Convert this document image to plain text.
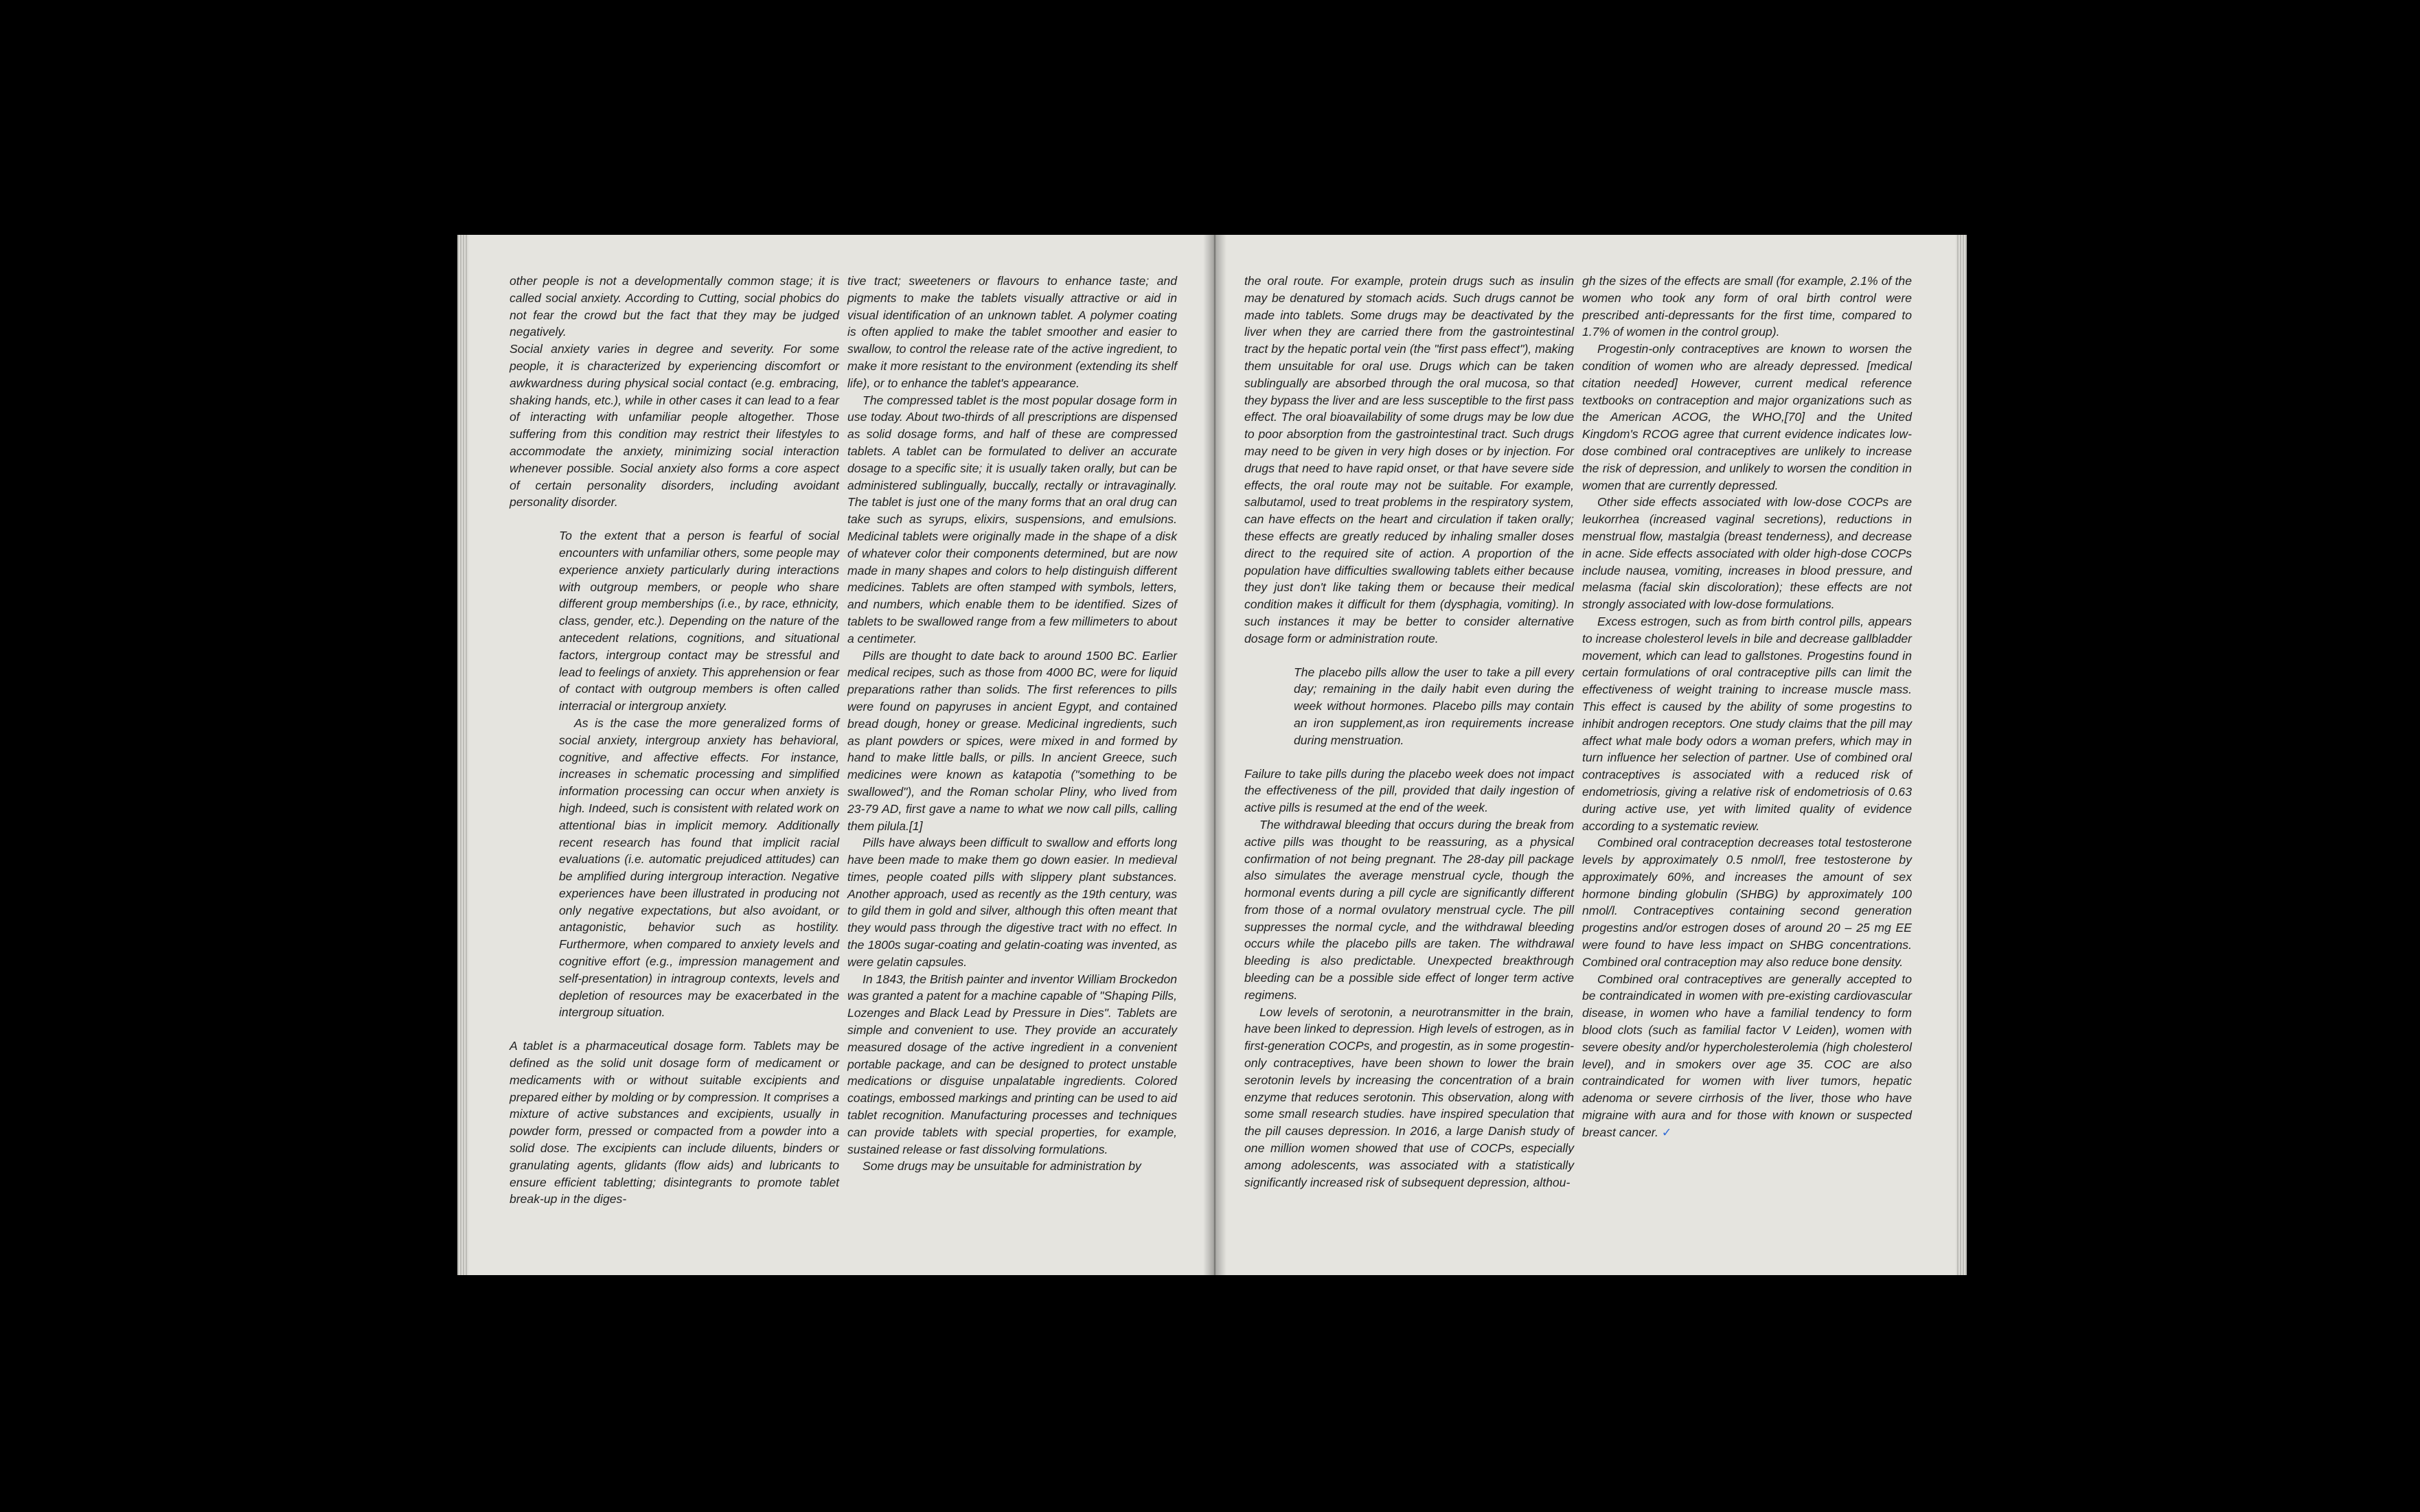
other people is not a developmentally common stage; it is called social anxiety. According to Cutting, social phobics do not fear the crowd but the fact that they may be judged negatively.

Social anxiety varies in degree and severity. For some people, it is characterized by experiencing discomfort or awkwardness during physical social contact (e.g. embracing, shaking hands, etc.), while in other cases it can lead to a fear of interacting with unfamiliar people altogether. Those suffering from this condition may restrict their lifestyles to accommodate the anxiety, minimizing social interaction whenever possible. Social anxiety also forms a core aspect of certain personality disorders, including avoidant personality disorder.

To the extent that a person is fearful of social encounters with unfamiliar others, some people may experience anxiety particularly during interactions with outgroup members, or people who share different group memberships (i.e., by race, ethnicity, class, gender, etc.). Depending on the nature of the antecedent relations, cognitions, and situational factors, intergroup contact may be stressful and lead to feelings of anxiety. This apprehension or fear of contact with outgroup members is often called interracial or intergroup anxiety.

As is the case the more generalized forms of social anxiety, intergroup anxiety has behavioral, cognitive, and affective effects. For instance, increases in schematic processing and simplified information processing can occur when anxiety is high. Indeed, such is consistent with related work on attentional bias in implicit memory. Additionally recent research has found that implicit racial evaluations (i.e. automatic prejudiced attitudes) can be amplified during intergroup interaction. Negative experiences have been illustrated in producing not only negative expectations, but also avoidant, or antagonistic, behavior such as hostility. Furthermore, when compared to anxiety levels and cognitive effort (e.g., impression management and self-presentation) in intragroup contexts, levels and depletion of resources may be exacerbated in the intergroup situation.

A tablet is a pharmaceutical dosage form. Tablets may be defined as the solid unit dosage form of medicament or medicaments with or without suitable excipients and prepared either by molding or by compression. It comprises a mixture of active substances and excipients, usually in powder form, pressed or compacted from a powder into a solid dose. The excipients can include diluents, binders or granulating agents, glidants (flow aids) and lubricants to ensure efficient tabletting; disintegrants to promote tablet break-up in the diges-

tive tract; sweeteners or flavours to enhance taste; and pigments to make the tablets visually attractive or aid in visual identification of an unknown tablet. A polymer coating is often applied to make the tablet smoother and easier to swallow, to control the release rate of the active ingredient, to make it more resistant to the environment (extending its shelf life), or to enhance the tablet's appearance.

The compressed tablet is the most popular dosage form in use today. About two-thirds of all prescriptions are dispensed as solid dosage forms, and half of these are compressed tablets. A tablet can be formulated to deliver an accurate dosage to a specific site; it is usually taken orally, but can be administered sublingually, buccally, rectally or intravaginally. The tablet is just one of the many forms that an oral drug can take such as syrups, elixirs, suspensions, and emulsions. Medicinal tablets were originally made in the shape of a disk of whatever color their components determined, but are now made in many shapes and colors to help distinguish different medicines. Tablets are often stamped with symbols, letters, and numbers, which enable them to be identified. Sizes of tablets to be swallowed range from a few millimeters to about a centimeter.

Pills are thought to date back to around 1500 BC. Earlier medical recipes, such as those from 4000 BC, were for liquid preparations rather than solids. The first references to pills were found on papyruses in ancient Egypt, and contained bread dough, honey or grease. Medicinal ingredients, such as plant powders or spices, were mixed in and formed by hand to make little balls, or pills. In ancient Greece, such medicines were known as katapotia ("something to be swallowed"), and the Roman scholar Pliny, who lived from 23-79 AD, first gave a name to what we now call pills, calling them pilula.[1]

Pills have always been difficult to swallow and efforts long have been made to make them go down easier. In medieval times, people coated pills with slippery plant substances. Another approach, used as recently as the 19th century, was to gild them in gold and silver, although this often meant that they would pass through the digestive tract with no effect. In the 1800s sugar-coating and gelatin-coating was invented, as were gelatin capsules.

In 1843, the British painter and inventor William Brockedon was granted a patent for a machine capable of "Shaping Pills, Lozenges and Black Lead by Pressure in Dies". Tablets are simple and convenient to use. They provide an accurately measured dosage of the active ingredient in a convenient portable package, and can be designed to protect unstable medications or disguise unpalatable ingredients. Colored coatings, embossed markings and printing can be used to aid tablet recognition. Manufacturing processes and techniques can provide tablets with special properties, for example, sustained release or fast dissolving formulations.

Some drugs may be unsuitable for administration by

the oral route. For example, protein drugs such as insulin may be denatured by stomach acids. Such drugs cannot be made into tablets. Some drugs may be deactivated by the liver when they are carried there from the gastrointestinal tract by the hepatic portal vein (the "first pass effect"), making them unsuitable for oral use. Drugs which can be taken sublingually are absorbed through the oral mucosa, so that they bypass the liver and are less susceptible to the first pass effect. The oral bioavailability of some drugs may be low due to poor absorption from the gastrointestinal tract. Such drugs may need to be given in very high doses or by injection. For drugs that need to have rapid onset, or that have severe side effects, the oral route may not be suitable. For example, salbutamol, used to treat problems in the respiratory system, can have effects on the heart and circulation if taken orally; these effects are greatly reduced by inhaling smaller doses direct to the required site of action. A proportion of the population have difficulties swallowing tablets either because they just don't like taking them or because their medical condition makes it difficult for them (dysphagia, vomiting). In such instances it may be better to consider alternative dosage form or administration route.

The placebo pills allow the user to take a pill every day; remaining in the daily habit even during the week without hormones. Placebo pills may contain an iron supplement,as iron requirements increase during menstruation.

Failure to take pills during the placebo week does not impact the effectiveness of the pill, provided that daily ingestion of active pills is resumed at the end of the week.

The withdrawal bleeding that occurs during the break from active pills was thought to be reassuring, as a physical confirmation of not being pregnant. The 28-day pill package also simulates the average menstrual cycle, though the hormonal events during a pill cycle are significantly different from those of a normal ovulatory menstrual cycle. The pill suppresses the normal cycle, and the withdrawal bleeding occurs while the placebo pills are taken. The withdrawal bleeding is also predictable. Unexpected breakthrough bleeding can be a possible side effect of longer term active regimens.

Low levels of serotonin, a neurotransmitter in the brain, have been linked to depression. High levels of estrogen, as in first-generation COCPs, and progestin, as in some progestin-only contraceptives, have been shown to lower the brain serotonin levels by increasing the concentration of a brain enzyme that reduces serotonin. This observation, along with some small research studies. have inspired speculation that the pill causes depression. In 2016, a large Danish study of one million women showed that use of COCPs, especially among adolescents, was associated with a statistically significantly increased risk of subsequent depression, althou-

gh the sizes of the effects are small (for example, 2.1% of the women who took any form of oral birth control were prescribed anti-depressants for the first time, compared to 1.7% of women in the control group).

Progestin-only contraceptives are known to worsen the condition of women who are already depressed. [medical citation needed] However, current medical reference textbooks on contraception and major organizations such as the American ACOG, the WHO,[70] and the United Kingdom's RCOG agree that current evidence indicates low-dose combined oral contraceptives are unlikely to increase the risk of depression, and unlikely to worsen the condition in women that are currently depressed.

Other side effects associated with low-dose COCPs are leukorrhea (increased vaginal secretions), reductions in menstrual flow, mastalgia (breast tenderness), and decrease in acne. Side effects associated with older high-dose COCPs include nausea, vomiting, increases in blood pressure, and melasma (facial skin discoloration); these effects are not strongly associated with low-dose formulations.

Excess estrogen, such as from birth control pills, appears to increase cholesterol levels in bile and decrease gallbladder movement, which can lead to gallstones. Progestins found in certain formulations of oral contraceptive pills can limit the effectiveness of weight training to increase muscle mass. This effect is caused by the ability of some progestins to inhibit androgen receptors. One study claims that the pill may affect what male body odors a woman prefers, which may in turn influence her selection of partner. Use of combined oral contraceptives is associated with a reduced risk of endometriosis, giving a relative risk of endometriosis of 0.63 during active use, yet with limited quality of evidence according to a systematic review.

Combined oral contraception decreases total testosterone levels by approximately 0.5 nmol/l, free testosterone by approximately 60%, and increases the amount of sex hormone binding globulin (SHBG) by approximately 100 nmol/l. Contraceptives containing second generation progestins and/or estrogen doses of around 20 – 25 mg EE were found to have less impact on SHBG concentrations. Combined oral contraception may also reduce bone density.

Combined oral contraceptives are generally accepted to be contraindicated in women with pre-existing cardiovascular disease, in women who have a familial tendency to form blood clots (such as familial factor V Leiden), women with severe obesity and/or hypercholesterolemia (high cholesterol level), and in smokers over age 35. COC are also contraindicated for women with liver tumors, hepatic adenoma or severe cirrhosis of the liver, those who have migraine with aura and for those with known or suspected breast cancer. ✓
